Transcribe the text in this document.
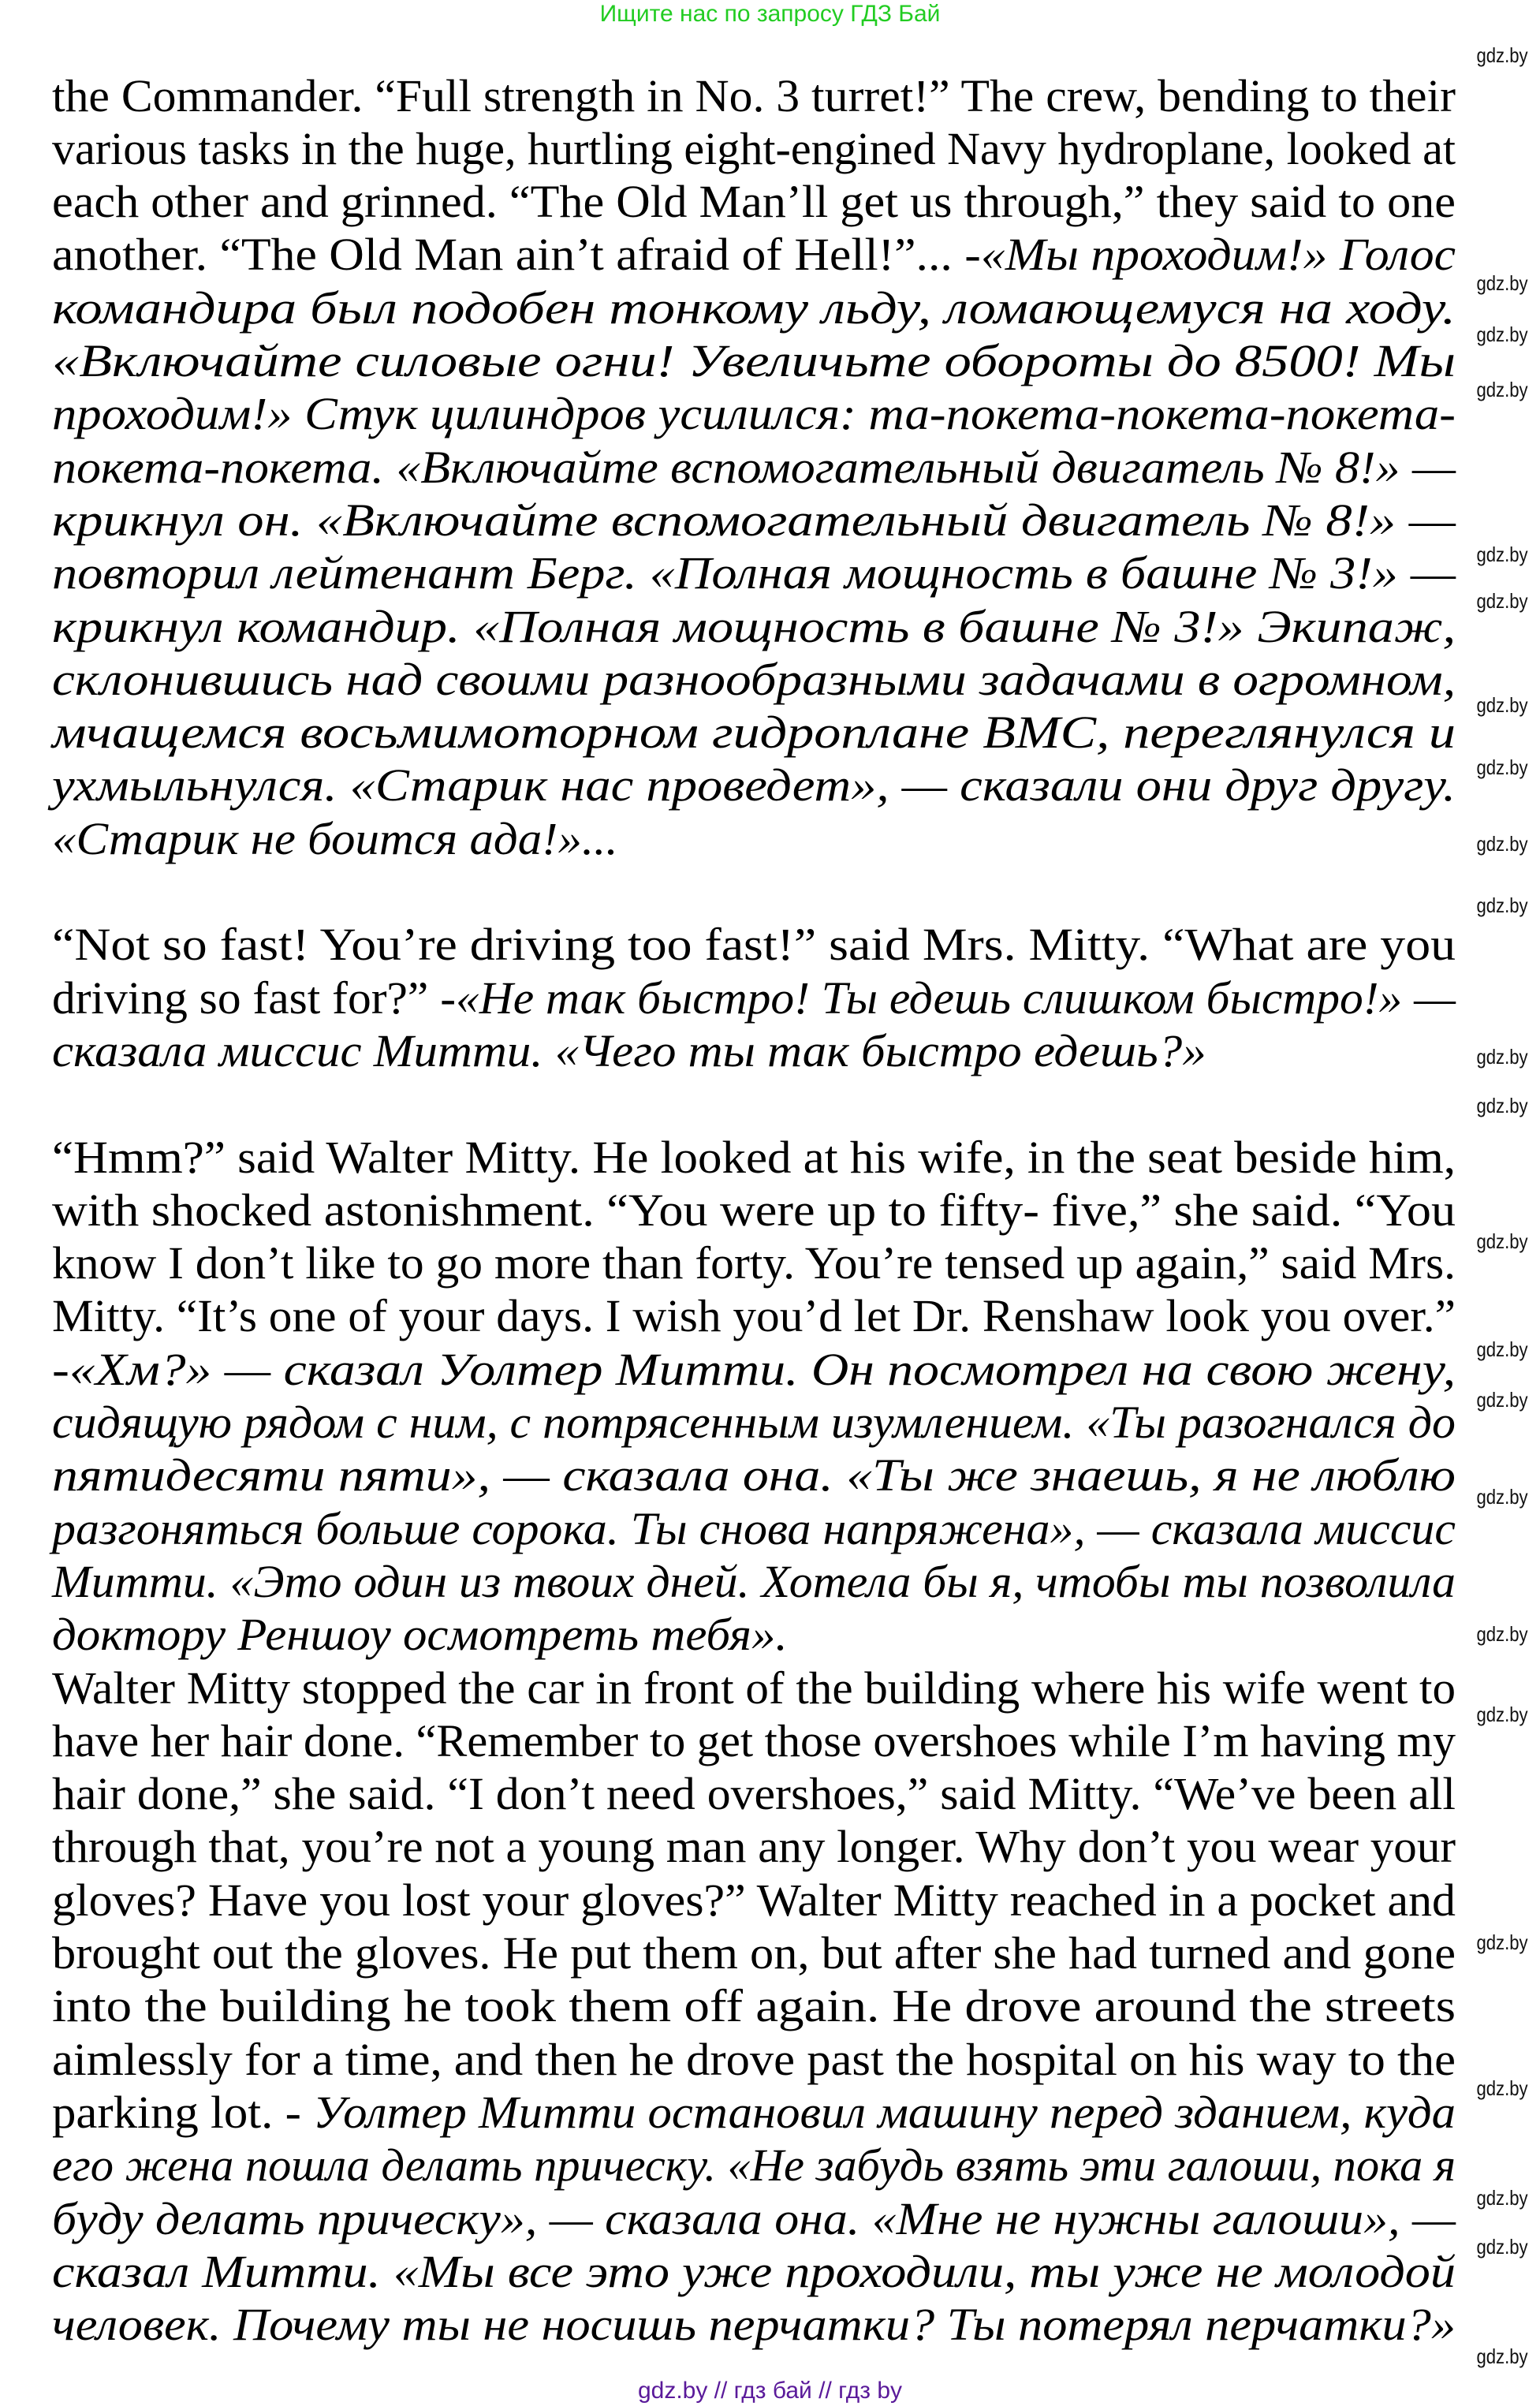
Ищите нас по запросу ГДЗ Бай
the Commander. “Full strength in No. 3 turret!” The crew, bending to their
various tasks in the huge, hurtling eight-engined Navy hydroplane, looked at
each other and grinned. “The Old Man’ll get us through,” they said to one
another. “The Old Man ain’t afraid of Hell!”... -«Мы проходим!» Голос
командира был подобен тонкому льду, ломающемуся на ходу.
«Включайте силовые огни! Увеличьте обороты до 8500! Мы
проходим!» Стук цилиндров усилился: та-покета-покета-покета-
покета-покета. «Включайте вспомогательный двигатель № 8!» —
крикнул он. «Включайте вспомогательный двигатель № 8!» —
повторил лейтенант Берг. «Полная мощность в башне № 3!» —
крикнул командир. «Полная мощность в башне № 3!» Экипаж,
склонившись над своими разнообразными задачами в огромном,
мчащемся восьмимоторном гидроплане ВМС, переглянулся и
ухмыльнулся. «Старик нас проведет», — сказали они друг другу.
«Старик не боится ада!»...
“Not so fast! You’re driving too fast!” said Mrs. Mitty. “What are you
driving so fast for?” -«Не так быстро! Ты едешь слишком быстро!» —
сказала миссис Митти. «Чего ты так быстро едешь?»
“Hmm?” said Walter Mitty. He looked at his wife, in the seat beside him,
with shocked astonishment. “You were up to fifty- five,” she said. “You
know I don’t like to go more than forty. You’re tensed up again,” said Mrs.
Mitty. “It’s one of your days. I wish you’d let Dr. Renshaw look you over.”
-«Хм?» — сказал Уолтер Митти. Он посмотрел на свою жену,
сидящую рядом с ним, с потрясенным изумлением. «Ты разогнался до
пятидесяти пяти», — сказала она. «Ты же знаешь, я не люблю
разгоняться больше сорока. Ты снова напряжена», — сказала миссис
Митти. «Это один из твоих дней. Хотела бы я, чтобы ты позволила
доктору Реншоу осмотреть тебя».
Walter Mitty stopped the car in front of the building where his wife went to
have her hair done. “Remember to get those overshoes while I’m having my
hair done,” she said. “I don’t need overshoes,” said Mitty. “We’ve been all
through that, you’re not a young man any longer. Why don’t you wear your
gloves? Have you lost your gloves?” Walter Mitty reached in a pocket and
brought out the gloves. He put them on, but after she had turned and gone
into the building he took them off again. He drove around the streets
aimlessly for a time, and then he drove past the hospital on his way to the
parking lot. - Уолтер Митти остановил машину перед зданием, куда
его жена пошла делать прическу. «Не забудь взять эти галоши, пока я
буду делать прическу», — сказала она. «Мне не нужны галоши», —
сказал Митти. «Мы все это уже проходили, ты уже не молодой
человек. Почему ты не носишь перчатки? Ты потерял перчатки?»
gdz.by
gdz.by
gdz.by
gdz.by
gdz.by
gdz.by
gdz.by
gdz.by
gdz.by
gdz.by
gdz.by
gdz.by
gdz.by
gdz.by
gdz.by
gdz.by
gdz.by
gdz.by
gdz.by
gdz.by
gdz.by
gdz.by
gdz.by
gdz.by // гдз бай // гдз by
